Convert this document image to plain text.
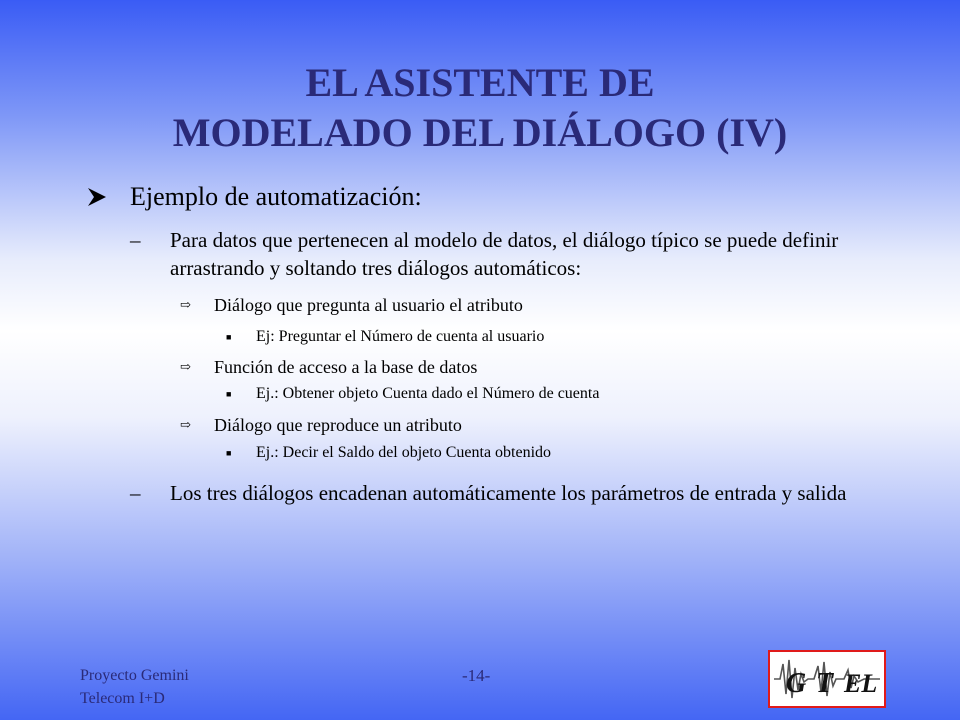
EL ASISTENTE DE
MODELADO DEL DIÁLOGO (IV)
Ejemplo de automatización:
–	Para datos que pertenecen al modelo de datos, el diálogo típico se puede definir arrastrando y soltando tres diálogos automáticos:
⇨	Diálogo que pregunta al usuario el atributo
■	Ej: Preguntar el Número de cuenta al usuario
⇨	Función de acceso a la base de datos
■	Ej.: Obtener objeto Cuenta dado el Número de cuenta
⇨	Diálogo que reproduce un atributo
■	Ej.: Decir el Saldo del objeto Cuenta obtenido
–	Los tres diálogos encadenan automáticamente los parámetros de entrada y salida
Proyecto Gemini
Telecom I+D
-14-	G T EL
